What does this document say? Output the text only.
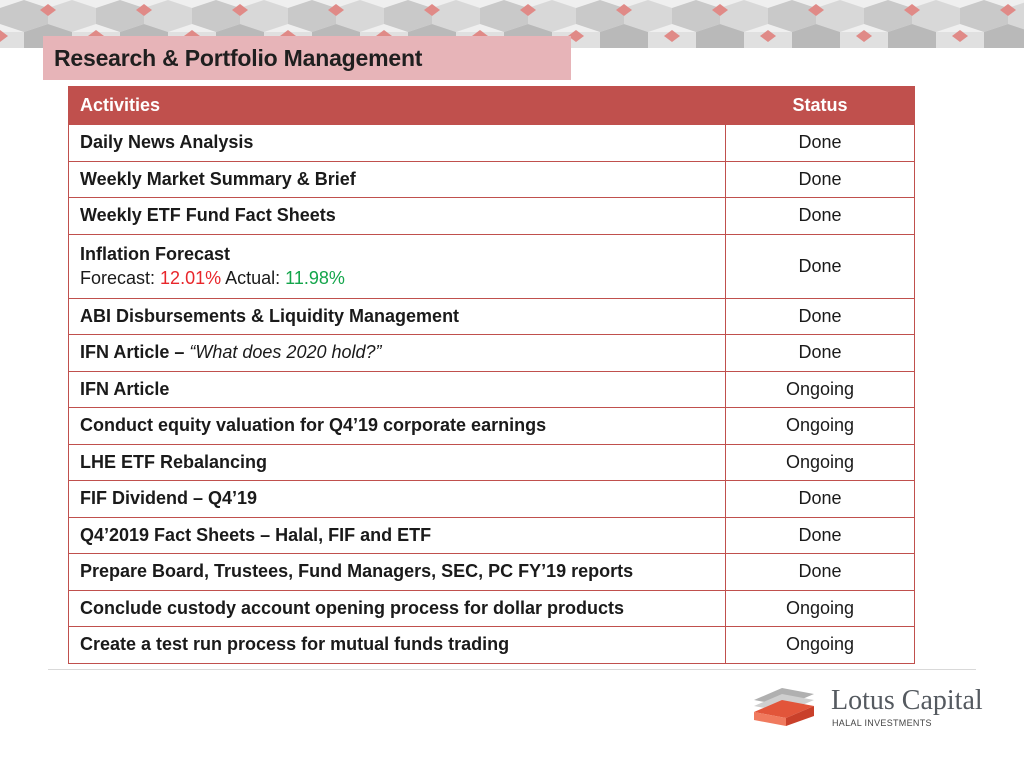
Research & Portfolio Management
Activities	Status
Daily News Analysis	Done
Weekly Market Summary & Brief	Done
Weekly ETF Fund Fact Sheets	Done
Inflation Forecast
Forecast: 12.01% Actual: 11.98%	Done
ABI Disbursements & Liquidity Management	Done
IFN Article – “What does 2020 hold?”	Done
IFN Article	Ongoing
Conduct equity valuation for Q4’19 corporate earnings	Ongoing
LHE ETF Rebalancing	Ongoing
FIF Dividend – Q4’19	Done
Q4’2019 Fact Sheets – Halal, FIF and ETF	Done
Prepare Board, Trustees, Fund Managers, SEC, PC FY’19 reports	Done
Conclude custody account opening process for dollar products	Ongoing
Create a test run process for mutual funds trading	Ongoing
Lotus Capital
HALAL INVESTMENTS
